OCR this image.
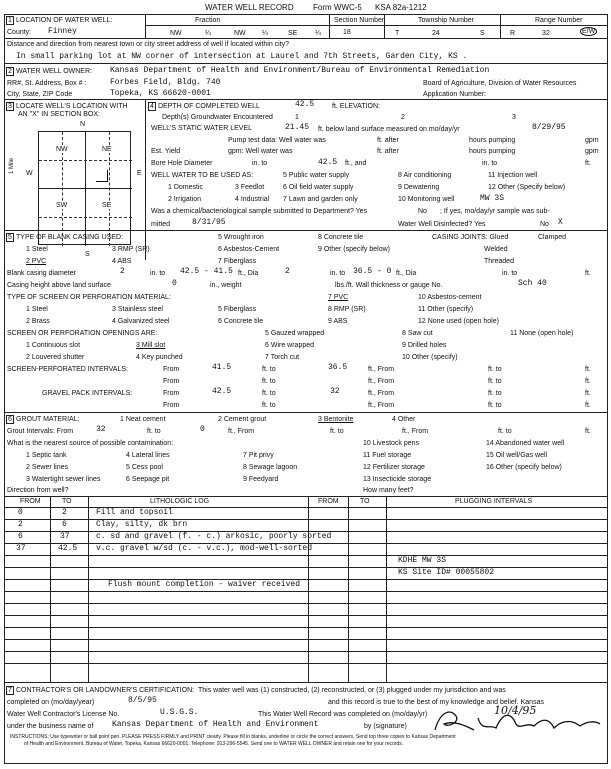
WATER WELL RECORD Form WWC-5 KSA 82a-1212
1 LOCATION OF WATER WELL:	Fraction	Section Number	Township Number	Range Number
County: Finney	NW	¼	NW ¼	SE	¼	18	T	24	S	R	32	E/W
Distance and direction from nearest town or city street address of well if located within city?
In small parking lot at NW corner of intersection at Laurel and 7th Streets, Garden City, KS .
2 WATER WELL OWNER: Kansas Department of Health and Environment/Bureau of Environmental Remediation
RR#, St. Address, Box # :	Forbes Field, Bldg. 740	Board of Agriculture, Division of Water Resources
City, State, ZIP Code	Topeka, KS 66620-0001	Application Number:
3 LOCATE WELL'S LOCATION WITH
AN "X" IN SECTION BOX:
N
S
W	E
1 Mile
NW	NE
SW	SE
4 DEPTH OF COMPLETED WELL	42.5	ft. ELEVATION:
Depth(s) Groundwater Encountered	1	2	3
WELL'S STATIC WATER LEVEL	21.45 ft. below land surface measured on mo/day/yr	8/29/95
Pump test data: Well water was	ft. after	hours pumping	gpm
Est. Yield	gpm: Well water was	ft. after	hours pumping	gpm
Bore Hole Diameter	in. to	42.5 ft., and	in. to	ft.
WELL WATER TO BE USED AS:	5 Public water supply	8 Air conditioning	11 Injection well
1 Domestic	3 Feedlot	6 Oil field water supply	9 Dewatering	12 Other (Specify below)
2 Irrigation	4 Industrial 7 Lawn and garden only	10 Monitoring well	MW 3S
Was a chemical/bacteriological sample submitted to Department? Yes	No ; If yes, mo/day/yr sample was sub-
mitted	8/31/95	Water Well Disinfected? Yes	No X
5 TYPE OF BLANK CASING USED:	5 Wrought iron	8 Concrete tile	CASING JOINTS: Glued	Clamped
1 Steel	3 RMP (SR)	6 Asbestos-Cement	9 Other (specify below)	Welded
2 PVC	4 ABS	7 Fiberglass	Threaded
Blank casing diameter	2	in. to 42.5 - 41.5 ft., Dia	2	in. to 36.5 - 0 ft., Dia	in. to	ft.
Casing height above land surface	0	in., weight	lbs./ft. Wall thickness or gauge No.	Sch 40
TYPE OF SCREEN OR PERFORATION MATERIAL:	7 PVC	10 Asbestos-cement
1 Steel	3 Stainless steel	5 Fiberglass	8 RMP (SR)	11 Other (specify)
2 Brass	4 Galvanized steel	6 Concrete tile	9 ABS	12 None used (open hole)
SCREEN OR PERFORATION OPENINGS ARE:	5 Gauzed wrapped	8 Saw cut	11 None (open hole)
1 Continuous slot	3 Mill slot	6 Wire wrapped	9 Drilled holes
2 Louvered shutter	4 Key punched	7 Torch cut	10 Other (specify)
SCREEN-PERFORATED INTERVALS:	From	41.5	ft. to	36.5	ft., From	ft. to	ft.
From	ft. to	ft., From	ft. to	ft.
GRAVEL PACK INTERVALS:	From	42.5	ft. to	32	ft., From	ft. to	ft.
From	ft. to	ft., From	ft. to	ft.
6 GROUT MATERIAL:	1 Neat cement	2 Cement grout	3 Bentonite	4 Other
Grout Intervals: From	32	ft. to	0	ft., From	ft. to	ft., From	ft. to	ft.
What is the nearest source of possible contamination:	10 Livestock pens	14 Abandoned water well
1 Septic tank	4 Lateral lines	7 Pit privy	11 Fuel storage	15 Oil well/Gas well
2 Sewer lines	5 Cess pool	8 Sewage lagoon	12 Fertilizer storage	16 Other (specify below)
3 Watertight sewer lines	6 Seepage pit	9 Feedyard	13 Insecticide storage
Direction from well?	How many feet?
FROM	TO	LITHOLOGIC LOG	FROM	TO	PLUGGING INTERVALS
0	2	Fill and topsoil
2	6	Clay, silty, dk brn
6	37	c. sd and gravel (f. - c.) arkosic, poorly sorted
37	42.5 v.c. gravel w/sd (c. - v.c.), mod-well-sorted
Flush mount completion - waiver received
KDHE MW 3S
KS Site ID# 00055802
7 CONTRACTOR'S OR LANDOWNER'S CERTIFICATION: This water well was (1) constructed, (2) reconstructed, or (3) plugged under my jurisdiction and was
completed on (mo/day/year)	8/5/95	and this record is true to the best of my knowledge and belief. Kansas
Water Well Contractor's License No.	U.S.G.S.	This Water Well Record was completed on (mo/day/yr)	10/4/95
under the business name of Kansas Department of Health and Environment	by (signature)
INSTRUCTIONS: Use typewriter or ball point pen. PLEASE PRESS FIRMLY and PRINT clearly. Please fill in blanks, underline or circle the correct answers. Send top three copies to Kansas Department
of Health and Environment, Bureau of Water, Topeka, Kansas 66620-0001. Telephone: 913-296-5545. Send one to WATER WELL OWNER and retain one for your records.
